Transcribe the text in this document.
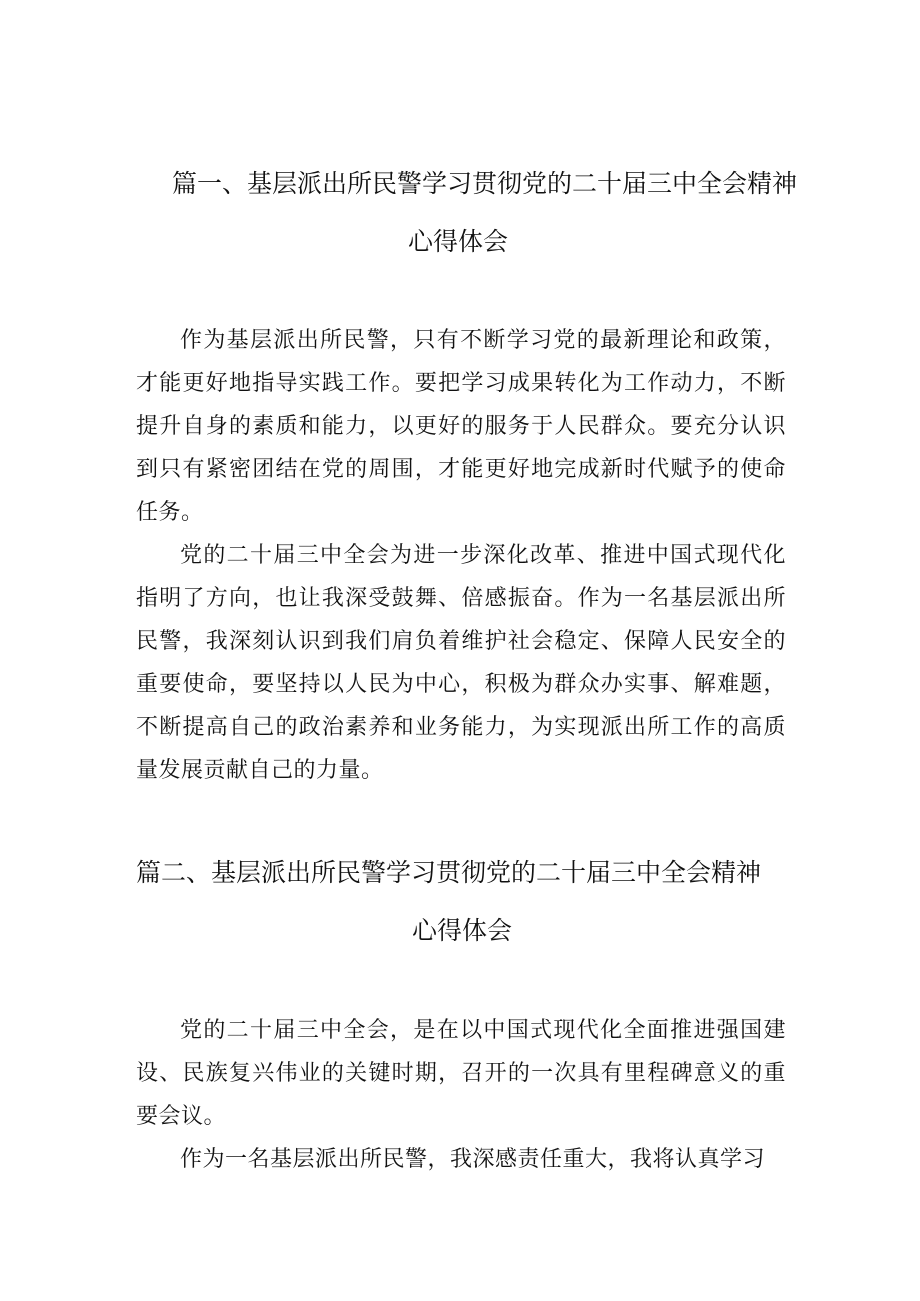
篇一、基层派出所民警学习贯彻党的二十届三中全会精神
心得体会

作为基层派出所民警，只有不断学习党的最新理论和政策，才能更好地指导实践工作。要把学习成果转化为工作动力，不断提升自身的素质和能力，以更好的服务于人民群众。要充分认识到只有紧密团结在党的周围，才能更好地完成新时代赋予的使命任务。

党的二十届三中全会为进一步深化改革、推进中国式现代化指明了方向，也让我深受鼓舞、倍感振奋。作为一名基层派出所民警，我深刻认识到我们肩负着维护社会稳定、保障人民安全的重要使命，要坚持以人民为中心，积极为群众办实事、解难题，不断提高自己的政治素养和业务能力，为实现派出所工作的高质量发展贡献自己的力量。

篇二、基层派出所民警学习贯彻党的二十届三中全会精神
心得体会

党的二十届三中全会，是在以中国式现代化全面推进强国建设、民族复兴伟业的关键时期，召开的一次具有里程碑意义的重要会议。

作为一名基层派出所民警，我深感责任重大，我将认真学习
